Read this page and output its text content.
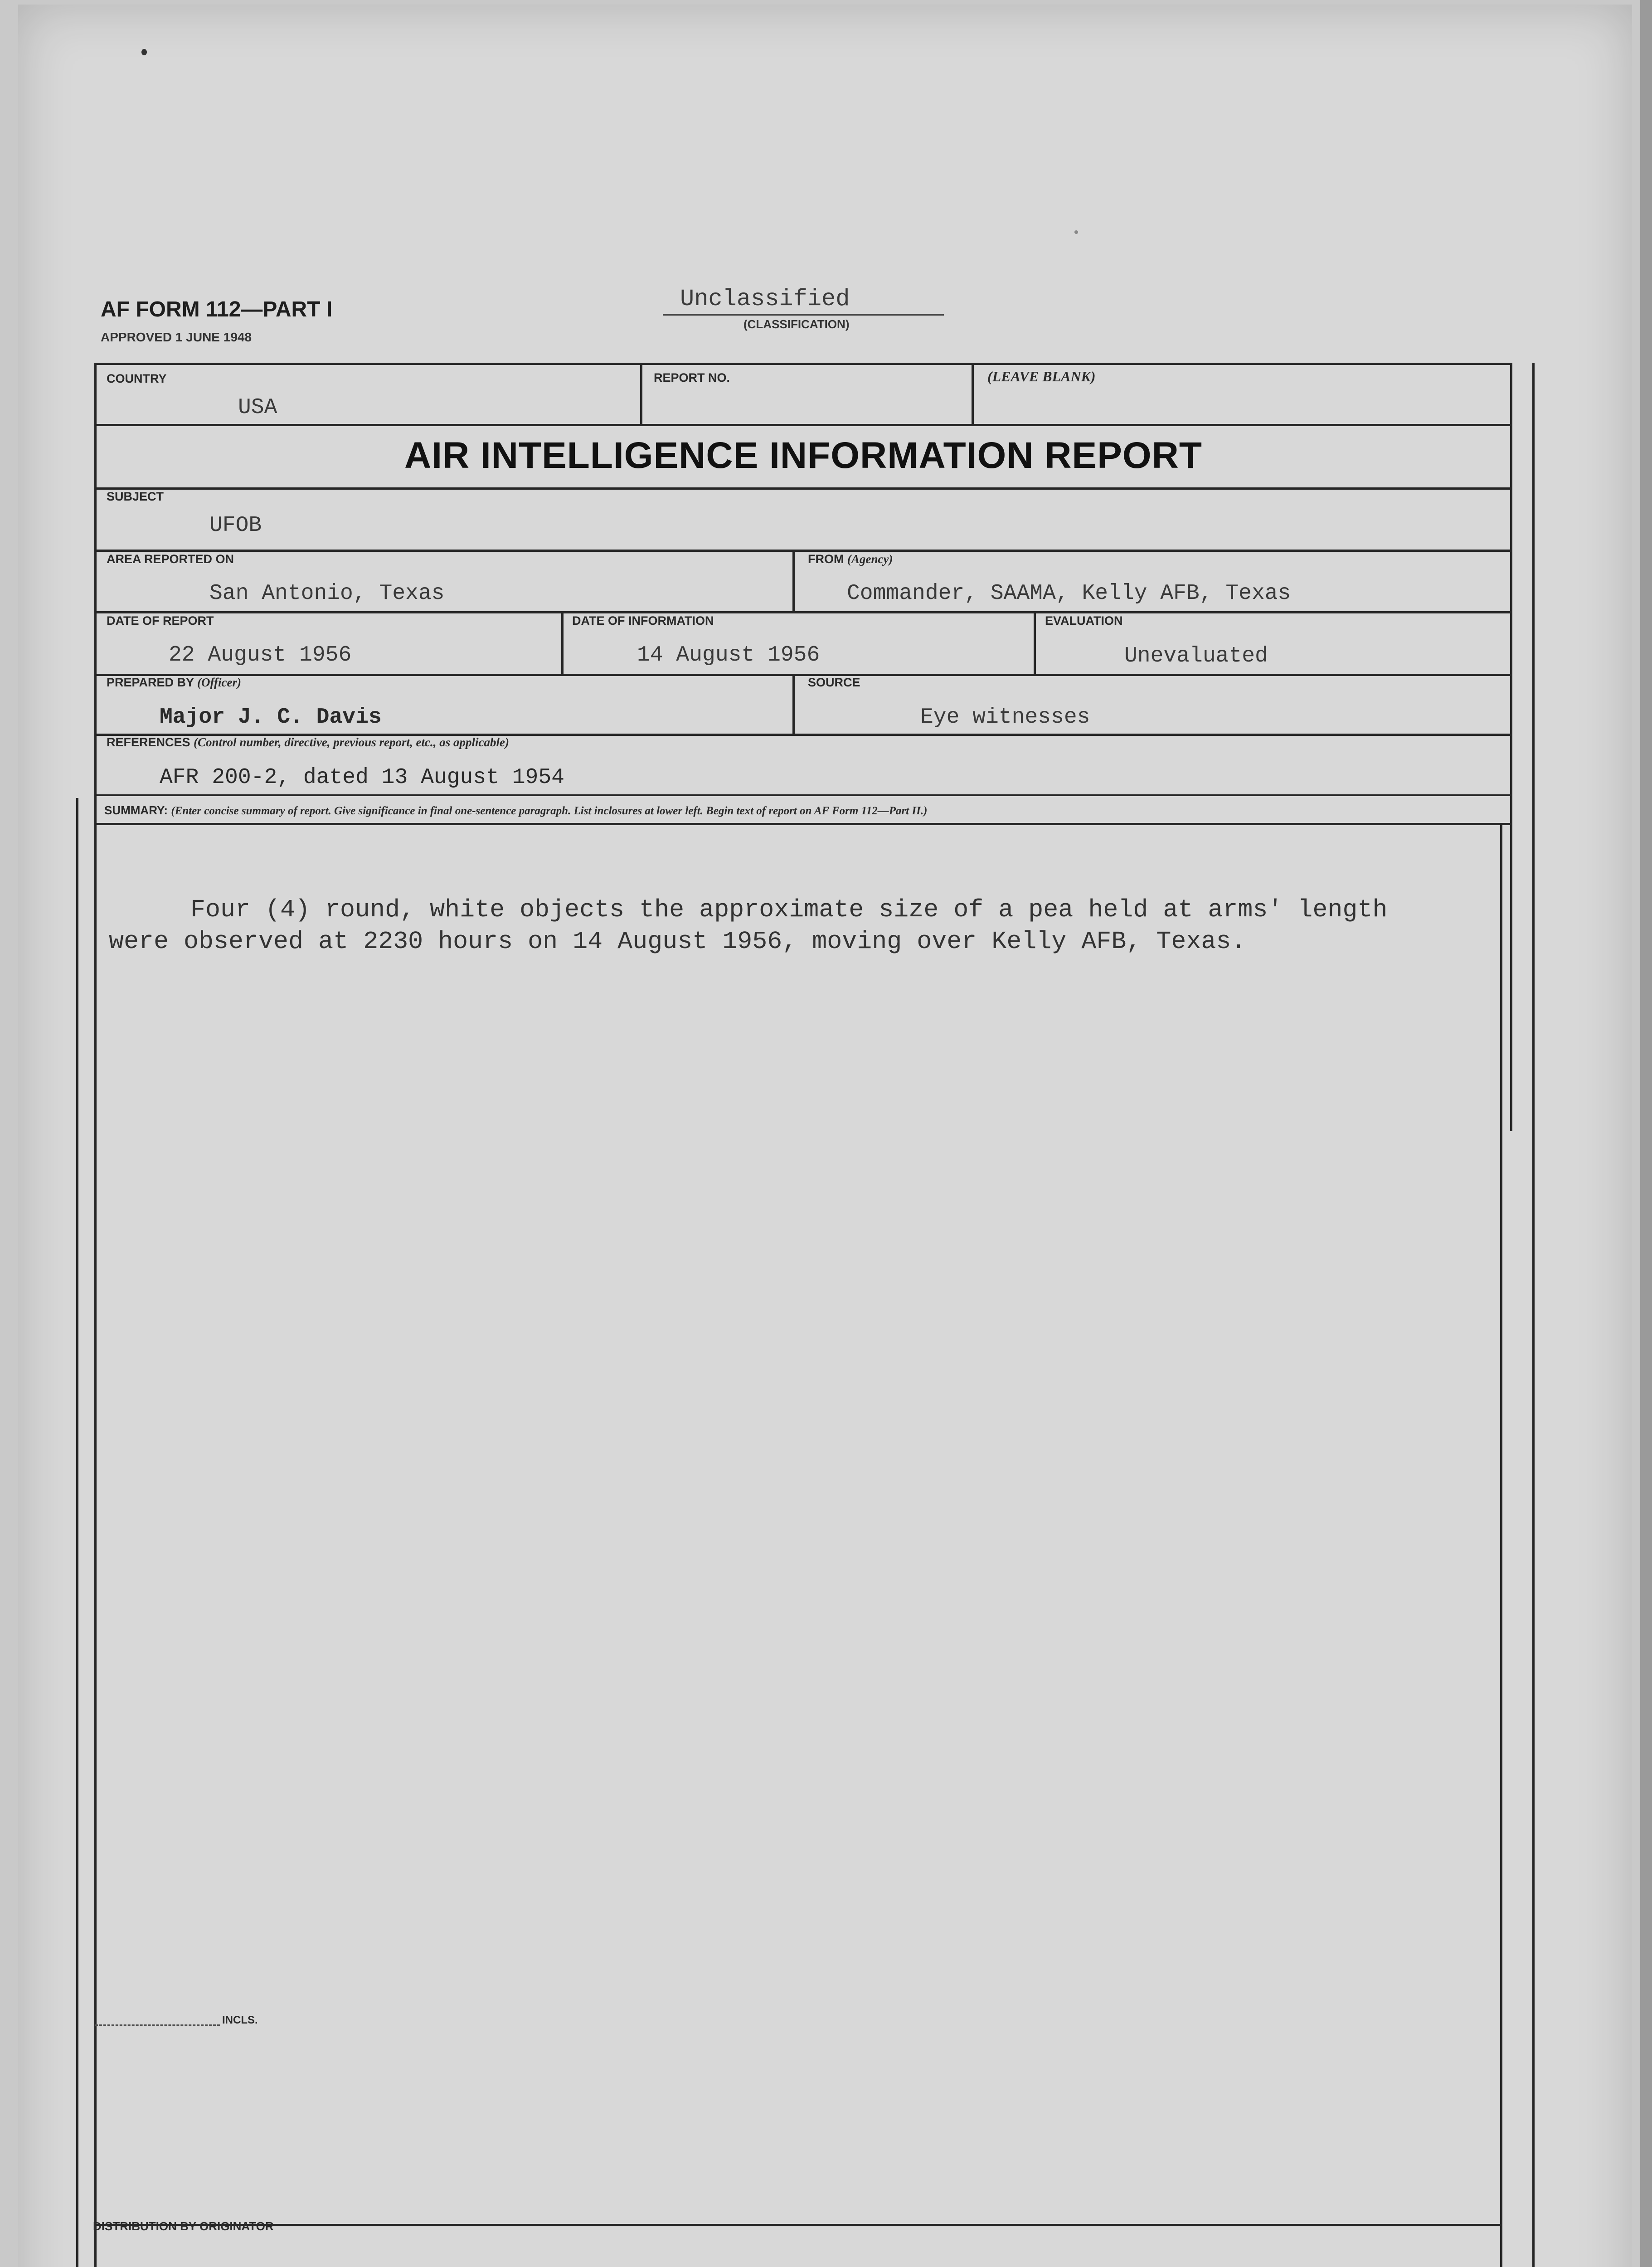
AF FORM 112—PART I
APPROVED 1 JUNE 1948
Unclassified
(CLASSIFICATION)
COUNTRY
USA
REPORT NO.	(LEAVE BLANK)
AIR INTELLIGENCE INFORMATION REPORT
SUBJECT
UFOB
AREA REPORTED ON
San Antonio, Texas
FROM (Agency)
Commander, SAAMA, Kelly AFB, Texas
DATE OF REPORT
22 August 1956
DATE OF INFORMATION
14 August 1956
EVALUATION
Unevaluated
PREPARED BY (Officer)
Major J. C. Davis
SOURCE
Eye witnesses
REFERENCES (Control number, directive, previous report, etc., as applicable)
AFR 200-2, dated 13 August 1954
SUMMARY: (Enter concise summary of report. Give significance in final one-sentence paragraph. List inclosures at lower left. Begin text of report on AF Form 112—Part II.)
Four (4) round, white objects the approximate size of a pea held at arms' length
were observed at 2230 hours on 14 August 1956, moving over Kelly AFB, Texas.
INCLS.
DISTRIBUTION BY ORIGINATOR
